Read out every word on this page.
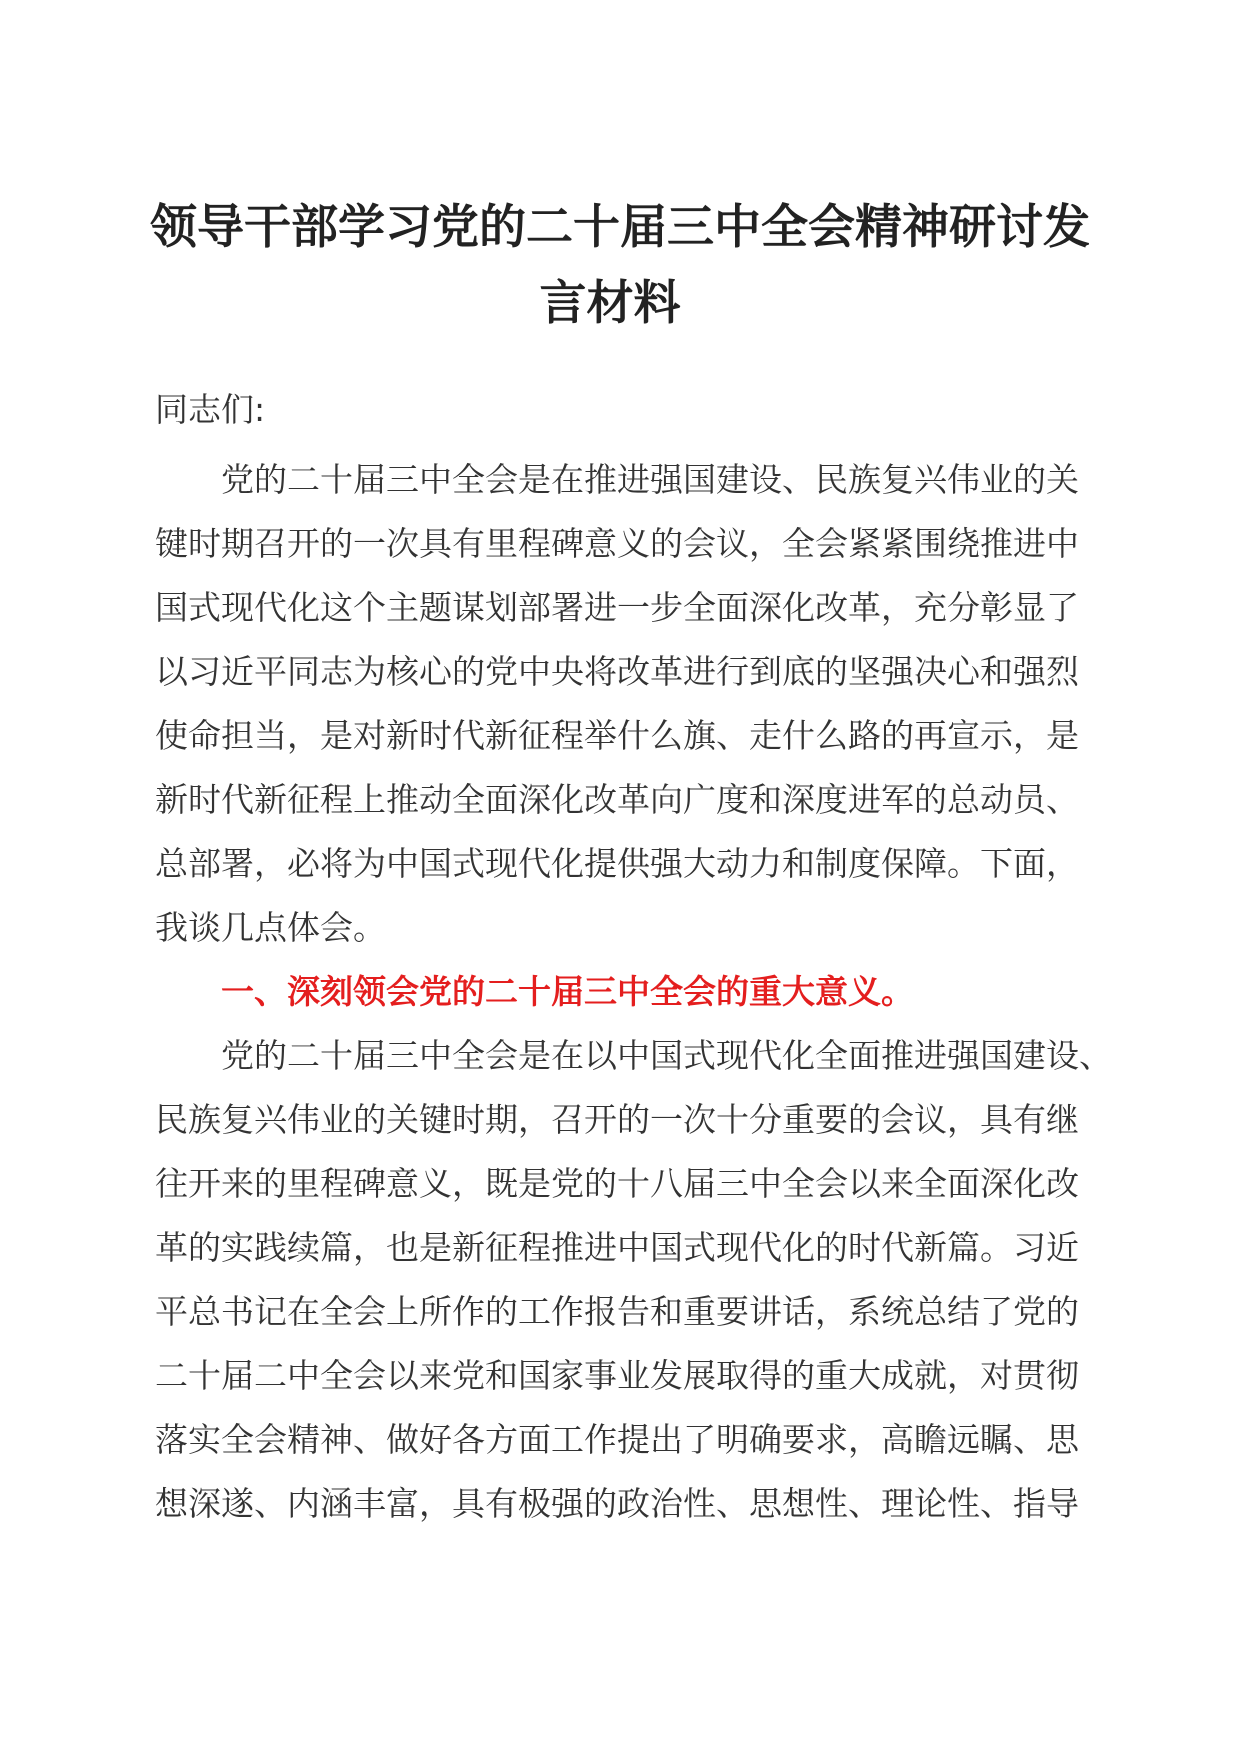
领导干部学习党的二十届三中全会精神研讨发
言材料
同志们:
党的二十届三中全会是在推进强国建设、民族复兴伟业的关
键时期召开的一次具有里程碑意义的会议，全会紧紧围绕推进中
国式现代化这个主题谋划部署进一步全面深化改革，充分彰显了
以习近平同志为核心的党中央将改革进行到底的坚强决心和强烈
使命担当，是对新时代新征程举什么旗、走什么路的再宣示，是
新时代新征程上推动全面深化改革向广度和深度进军的总动员、
总部署，必将为中国式现代化提供强大动力和制度保障。下面，
我谈几点体会。
一、深刻领会党的二十届三中全会的重大意义。
党的二十届三中全会是在以中国式现代化全面推进强国建设、
民族复兴伟业的关键时期，召开的一次十分重要的会议，具有继
往开来的里程碑意义，既是党的十八届三中全会以来全面深化改
革的实践续篇，也是新征程推进中国式现代化的时代新篇。习近
平总书记在全会上所作的工作报告和重要讲话，系统总结了党的
二十届二中全会以来党和国家事业发展取得的重大成就，对贯彻
落实全会精神、做好各方面工作提出了明确要求，高瞻远瞩、思
想深遂、内涵丰富，具有极强的政治性、思想性、理论性、指导
